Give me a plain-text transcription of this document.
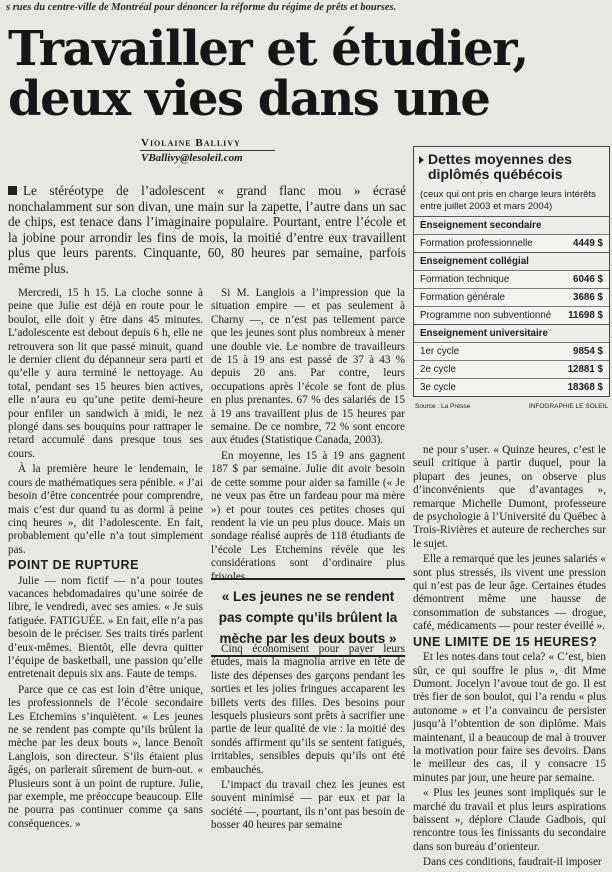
s rues du centre-ville de Montréal pour dénoncer la réforme du régime de prêts et bourses.
Travailler et étudier,
deux vies dans une
Violaine Ballivy
VBallivy@lesoleil.com

Le stéréotype de l’adolescent « grand flanc mou » écrasé nonchalamment sur son divan, une main sur la zapette, l’autre dans un sac de chips, est tenace dans l’imaginaire populaire. Pourtant, entre l’école et la jobine pour arrondir les fins de mois, la moitié d’entre eux travaillent plus que leurs parents. Cinquante, 60, 80 heures par semaine, parfois même plus.

Mercredi, 15 h 15. La cloche sonne à peine que Julie est déjà en route pour le boulot, elle doit y être dans 45 minutes. L’adolescente est debout depuis 6 h, elle ne retrouvera son lit que passé minuit, quand le dernier client du dépanneur sera parti et qu’elle y aura terminé le nettoyage. Au total, pendant ses 15 heures bien actives, elle n’aura eu qu’une petite demi-heure pour enfiler un sandwich à midi, le nez plongé dans ses bouquins pour rattraper le retard accumulé dans presque tous ses cours.

À la première heure le lendemain, le cours de mathématiques sera pénible. « J’ai besoin d’être concentrée pour comprendre, mais c’est dur quand tu as dormi à peine cinq heures », dit l’adolescente. En fait, probablement qu’elle n’a tout simplement pas.

POINT DE RUPTURE

Julie — nom fictif — n’a pour toutes vacances hebdomadaires qu’une soirée de libre, le vendredi, avec ses amies. « Je suis fatiguée. FATIGUÉE. » En fait, elle n’a pas besoin de le préciser. Ses traits tirés parlent d’eux-mêmes. Bientôt, elle devra quitter l’équipe de basketball, une passion qu’elle entretenait depuis six ans. Faute de temps.

Parce que ce cas est loin d’être unique, les professionnels de l’école secondaire Les Etchemins s’inquiètent. « Les jeunes ne se rendent pas compte qu’ils brûlent la mèche par les deux bouts », lance Benoît Langlois, son directeur. S’ils étaient plus âgés, on parlerait sûrement de burn-out. « Plusieurs sont à un point de rupture. Julie, par exemple, me préoccupe beaucoup. Elle ne pourra pas continuer comme ça sans conséquences. »

Si M. Langlois a l’impression que la situation empire — et pas seulement à Charny —, ce n’est pas tellement parce que les jeunes sont plus nombreux à mener une double vie. Le nombre de travailleurs de 15 à 19 ans est passé de 37 à 43 % depuis 20 ans. Par contre, leurs occupations après l’école se font de plus en plus prenantes. 67 % des salariés de 15 à 19 ans travaillent plus de 15 heures par semaine. De ce nombre, 72 % sont encore aux études (Statistique Canada, 2003).

En moyenne, les 15 à 19 ans gagnent 187 $ par semaine. Julie dit avoir besoin de cette somme pour aider sa famille (« Je ne veux pas être un fardeau pour ma mère ») et pour toutes ces petites choses qui rendent la vie un peu plus douce. Mais un sondage réalisé auprès de 118 étudiants de l’école Les Etchemins révèle que les considérations sont d’ordinaire plus frivoles.

« Les jeunes ne se rendent pas compte qu’ils brûlent la mèche par les deux bouts »

Cinq économisent pour payer leurs études, mais la magnolia arrive en tête de liste des dépenses des garçons pendant les sorties et les jolies fringues accaparent les billets verts des filles. Des besoins pour lesquels plusieurs sont prêts à sacrifier une partie de leur qualité de vie : la moitié des sondés affirment qu’ils se sentent fatigués, irritables, sensibles depuis qu’ils ont été embauchés.

L’impact du travail chez les jeunes est souvent minimisé — par eux et par la société —, pourtant, ils n’ont pas besoin de bosser 40 heures par semaine

Dettes moyennes des diplômés québécois
(ceux qui ont pris en charge leurs intérêts entre juillet 2003 et mars 2004)
Enseignement secondaire
Formation professionnelle	4449 $
Enseignement collégial
Formation technique	6046 $
Formation générale	3686 $
Programme non subventionné 11698 $
Enseignement universitaire
1er cycle	9854 $
2e cycle	12881 $
3e cycle	18368 $
Source : La Presse	INFOGRAPHIE LE SOLEIL

ne pour s’user. « Quinze heures, c’est le seuil critique à partir duquel, pour la plupart des jeunes, on observe plus d’inconvénients que d’avantages », remarque Michelle Dumont, professeure de psychologie à l’Université du Québec à Trois-Rivières et auteure de recherches sur le sujet.

Elle a remarqué que les jeunes salariés « sont plus stressés, ils vivent une pression qui n’est pas de leur âge. Certaines études démontrent même une hausse de consommation de substances — drogue, café, médicaments — pour rester éveillé ».

UNE LIMITE DE 15 HEURES?

Et les notes dans tout cela? « C’est, bien sûr, ce qui souffre le plus », dit Mme Dumont. Jocelyn l’avoue tout de go. Il est très fier de son boulot, qui l’a rendu « plus autonome » et l’a convaincu de persister jusqu’à l’obtention de son diplôme. Mais maintenant, il a beaucoup de mal à trouver la motivation pour faire ses devoirs. Dans le meilleur des cas, il y consacre 15 minutes par jour, une heure par semaine.

« Plus les jeunes sont impliqués sur le marché du travail et plus leurs aspirations baissent », déplore Claude Gadbois, qui rencontre tous les finissants du secondaire dans son bureau d’orienteur.

Dans ces conditions, faudrait-il imposer
